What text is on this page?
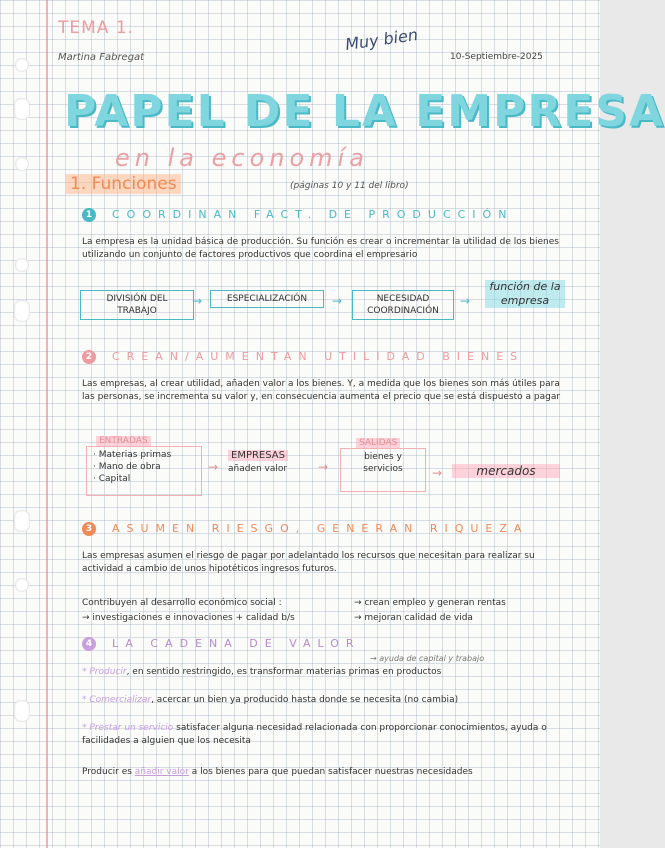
TEMA 1.
Martina Fabregat
Muy bien
10-Septiembre-2025
PAPEL DE LA EMPRESA
en la economía
1. Funciones	(páginas 10 y 11 del libro)
1	COORDINAN FACT. DE PRODUCCIÓN
La empresa es la unidad básica de producción. Su función es crear o incrementar la utilidad de los bienes utilizando un conjunto de factores productivos que coordina el empresario
DIVISIÓN DEL TRABAJO
→	ESPECIALIZACIÓN	→	NECESIDAD COORDINACIÓN
→
función de la empresa
2	CREAN/AUMENTAN UTILIDAD BIENES
Las empresas, al crear utilidad, añaden valor a los bienes. Y, a medida que los bienes son más útiles para las personas, se incrementa su valor y, en consecuencia aumenta el precio que se está dispuesto a pagar
ENTRADAS
· Materias primas
· Mano de obra
· Capital
→
EMPRESAS
añaden valor	→
SALIDAS
bienes y servicios	→	mercados
3	ASUMEN RIESGO, GENERAN RIQUEZA
Las empresas asumen el riesgo de pagar por adelantado los recursos que necesitan para realizar su actividad a cambio de unos hipotéticos ingresos futuros.
Contribuyen al desarrollo económico social :	→ crean empleo y generan rentas
→ investigaciones e innovaciones + calidad b/s	→ mejoran calidad de vida
4	LA CADENA DE VALOR
→ ayuda de capital y trabajo
* Producir, en sentido restringido, es transformar materias primas en productos
* Comercializar, acercar un bien ya producido hasta donde se necesita (no cambia)
* Prestar un servicio satisfacer alguna necesidad relacionada con proporcionar conocimientos, ayuda o facilidades a alguien que los necesita
Producir es añadir valor a los bienes para que puedan satisfacer nuestras necesidades
